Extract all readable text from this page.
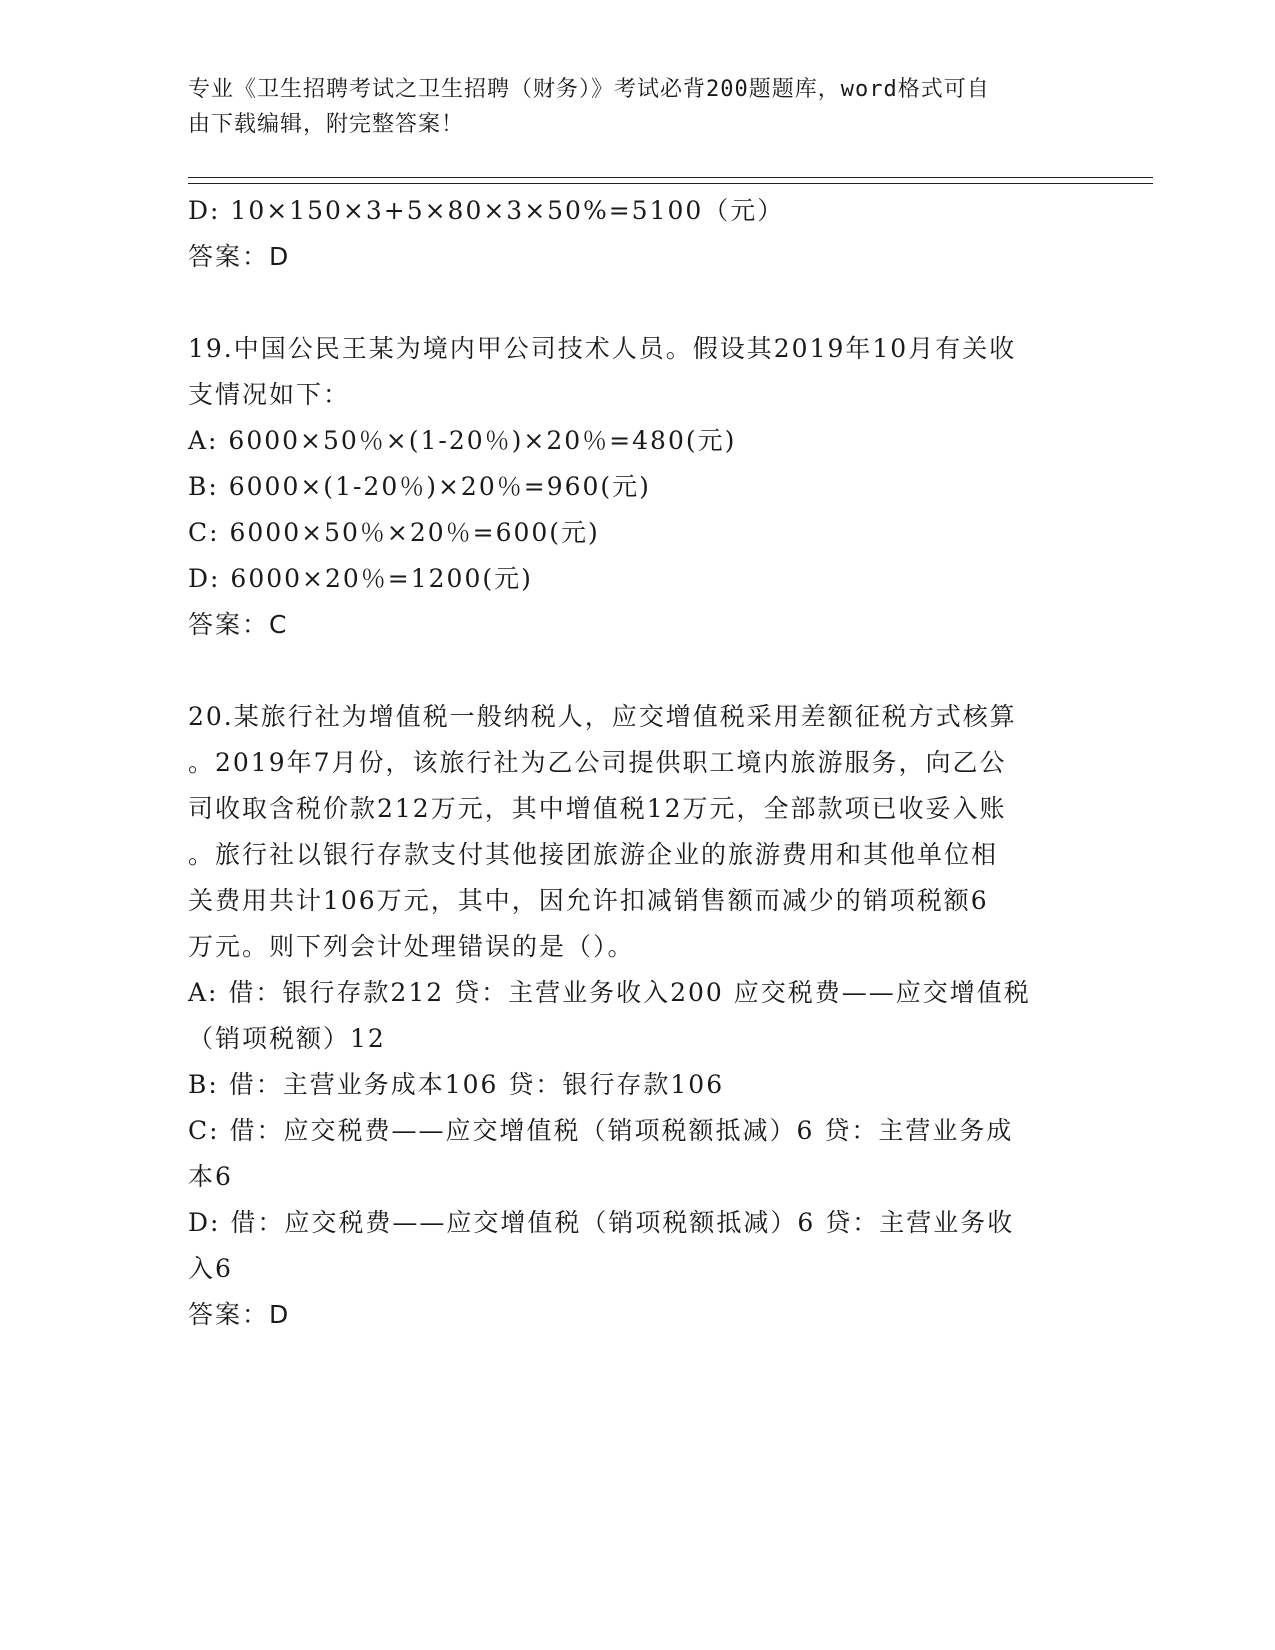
专业《卫生招聘考试之卫生招聘（财务）》考试必背200题题库，word格式可自
由下载编辑，附完整答案！
D: 10×150×3+5×80×3×50%=5100（元）
答案：D
19.中国公民王某为境内甲公司技术人员。假设其2019年10月有关收
支情况如下：
A: 6000×50％×(1-20％)×20％=480(元)
B: 6000×(1-20％)×20％=960(元)
C: 6000×50％×20％=600(元)
D: 6000×20％=1200(元)
答案：C
20.某旅行社为增值税一般纳税人，应交增值税采用差额征税方式核算
。2019年7月份，该旅行社为乙公司提供职工境内旅游服务，向乙公
司收取含税价款212万元，其中增值税12万元，全部款项已收妥入账
。旅行社以银行存款支付其他接团旅游企业的旅游费用和其他单位相
关费用共计106万元，其中，因允许扣减销售额而减少的销项税额6
万元。则下列会计处理错误的是（）。
A: 借：银行存款212 贷：主营业务收入200 应交税费——应交增值税
（销项税额）12
B: 借：主营业务成本106 贷：银行存款106
C: 借：应交税费——应交增值税（销项税额抵减）6 贷：主营业务成
本6
D: 借：应交税费——应交增值税（销项税额抵减）6 贷：主营业务收
入6
答案：D
